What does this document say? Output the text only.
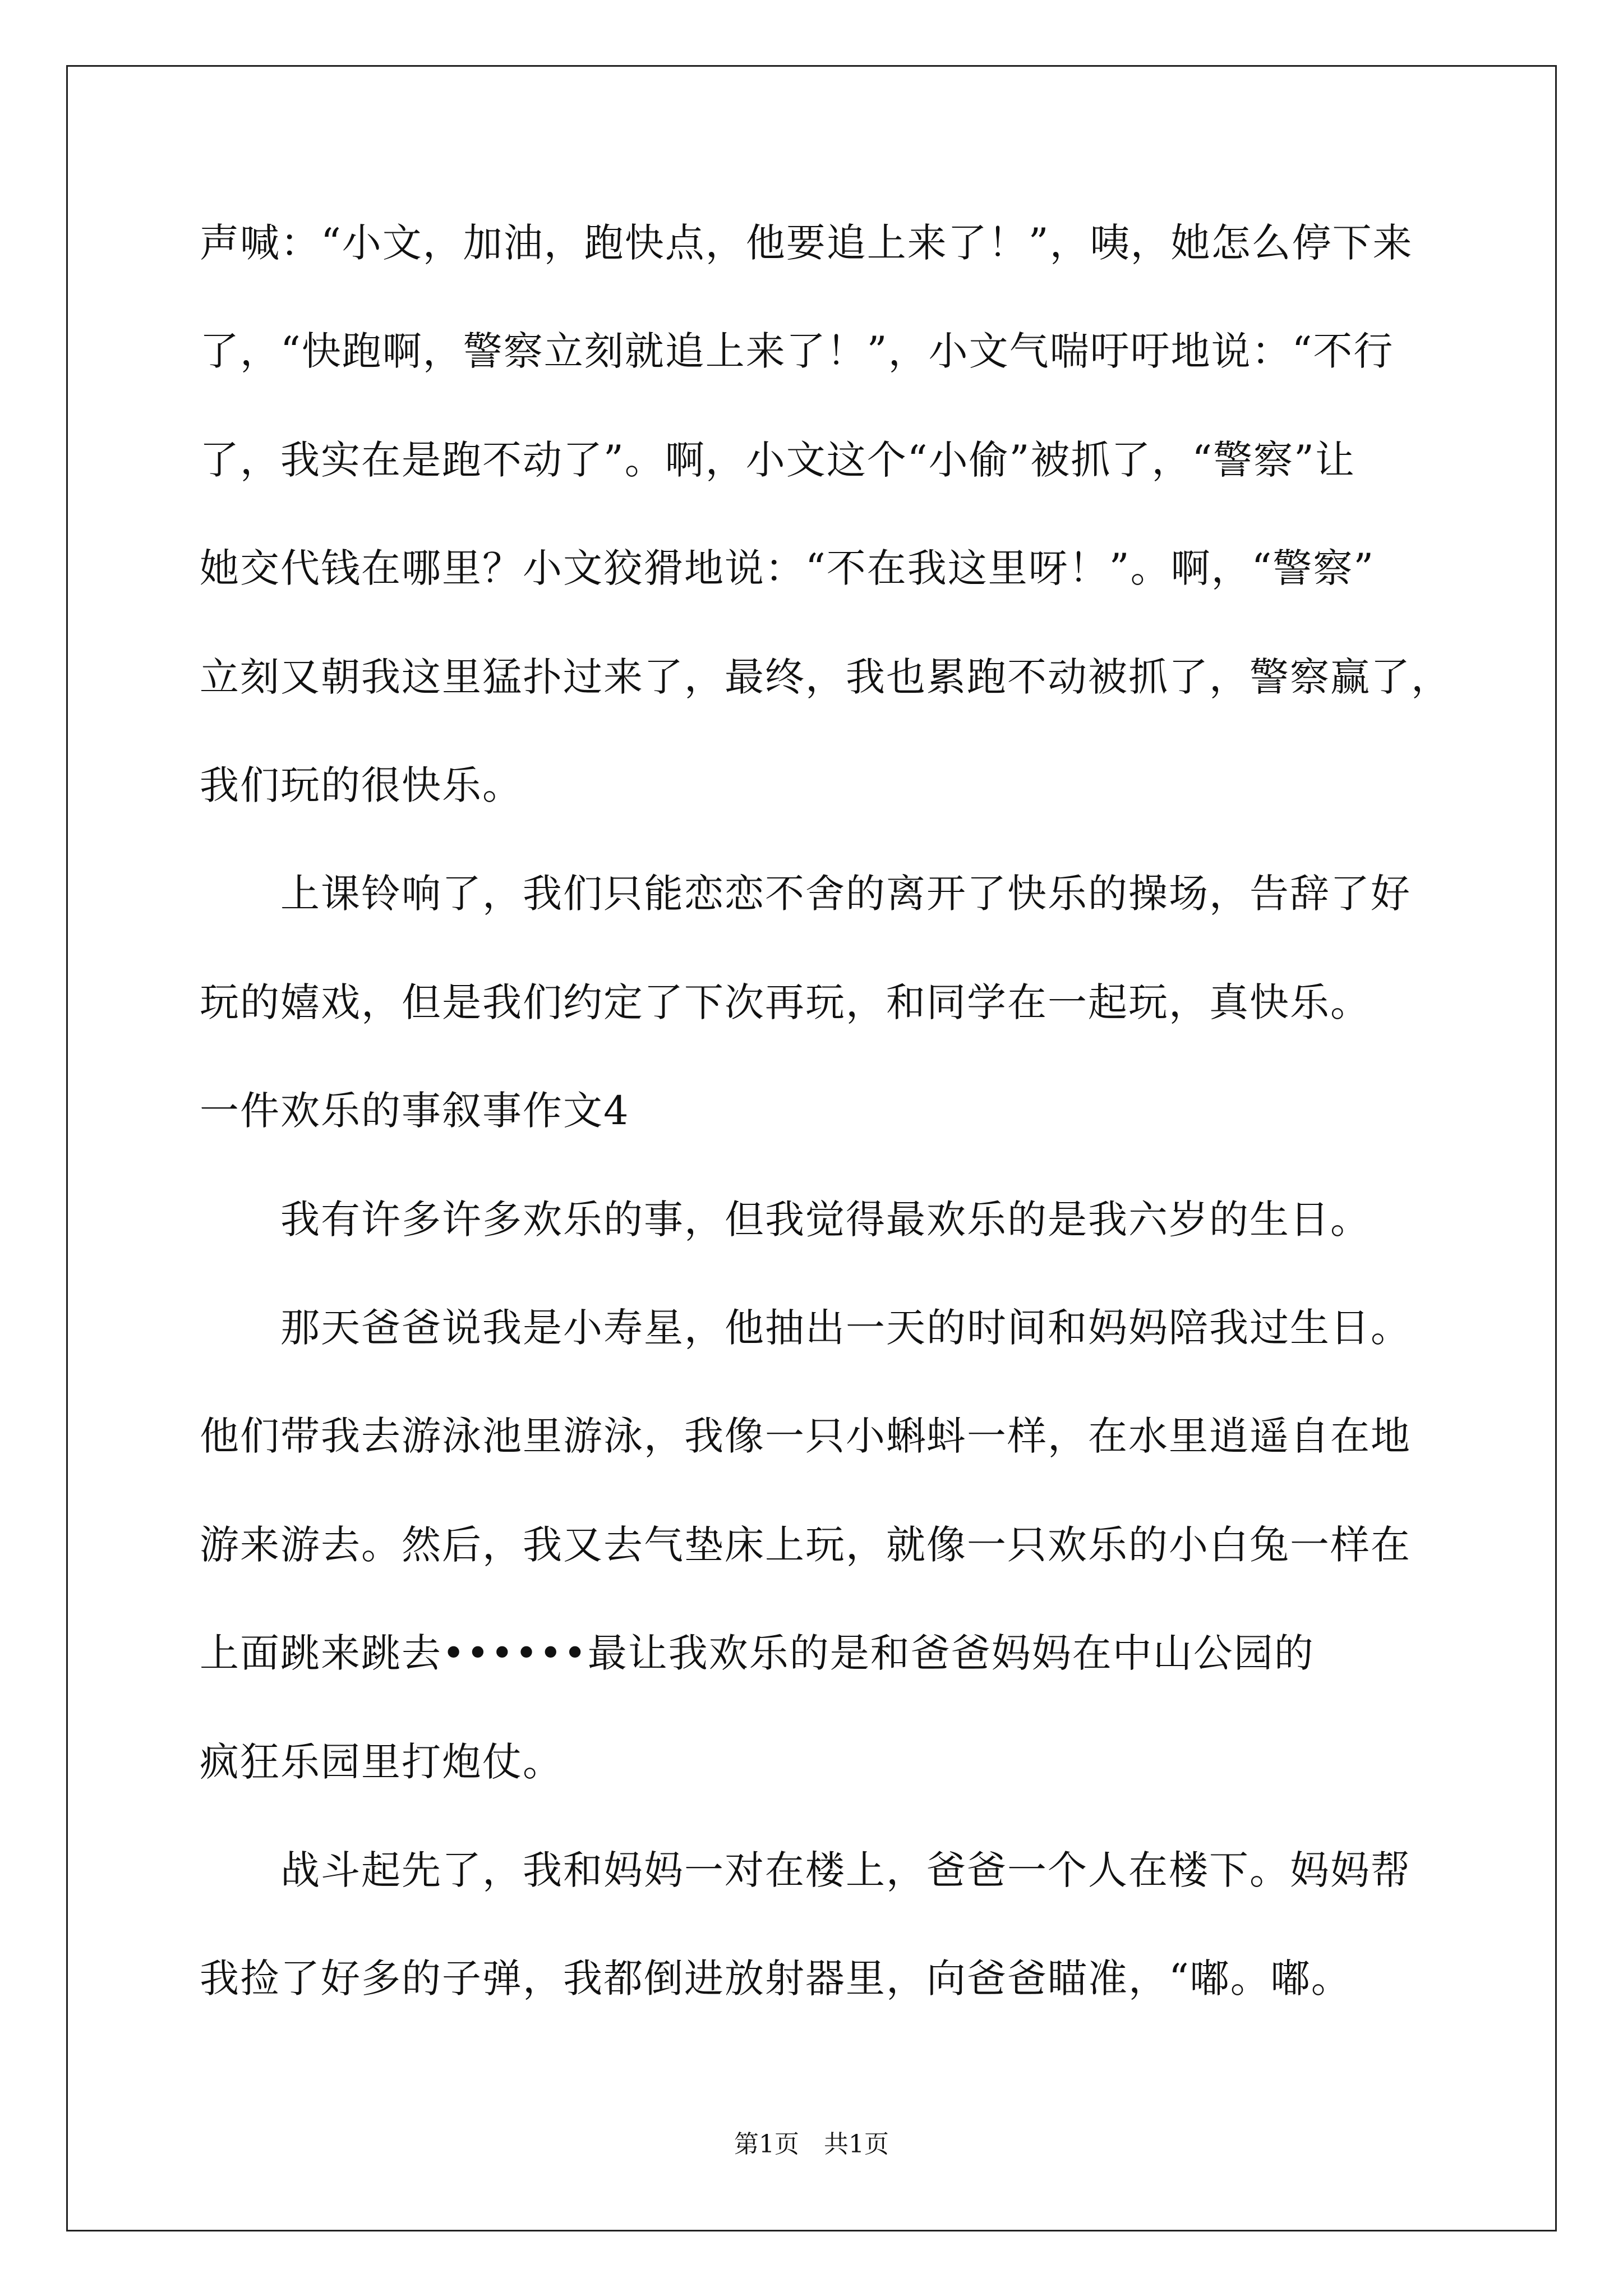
声喊：“小文，加油，跑快点，他要追上来了！”，咦，她怎么停下来
了，“快跑啊，警察立刻就追上来了！”，小文气喘吁吁地说：“不行
了，我实在是跑不动了”。啊，小文这个“小偷”被抓了，“警察”让
她交代钱在哪里？小文狡猾地说：“不在我这里呀！”。啊，“警察”
立刻又朝我这里猛扑过来了，最终，我也累跑不动被抓了，警察赢了，
我们玩的很快乐。
　　上课铃响了，我们只能恋恋不舍的离开了快乐的操场，告辞了好
玩的嬉戏，但是我们约定了下次再玩，和同学在一起玩，真快乐。
一件欢乐的事叙事作文4
　　我有许多许多欢乐的事，但我觉得最欢乐的是我六岁的生日。
　　那天爸爸说我是小寿星，他抽出一天的时间和妈妈陪我过生日。
他们带我去游泳池里游泳，我像一只小蝌蚪一样，在水里逍遥自在地
游来游去。然后，我又去气垫床上玩，就像一只欢乐的小白兔一样在
上面跳来跳去••••••最让我欢乐的是和爸爸妈妈在中山公园的
疯狂乐园里打炮仗。
　　战斗起先了，我和妈妈一对在楼上，爸爸一个人在楼下。妈妈帮
我捡了好多的子弹，我都倒进放射器里，向爸爸瞄准，“嘟。嘟。
第1页　共1页
